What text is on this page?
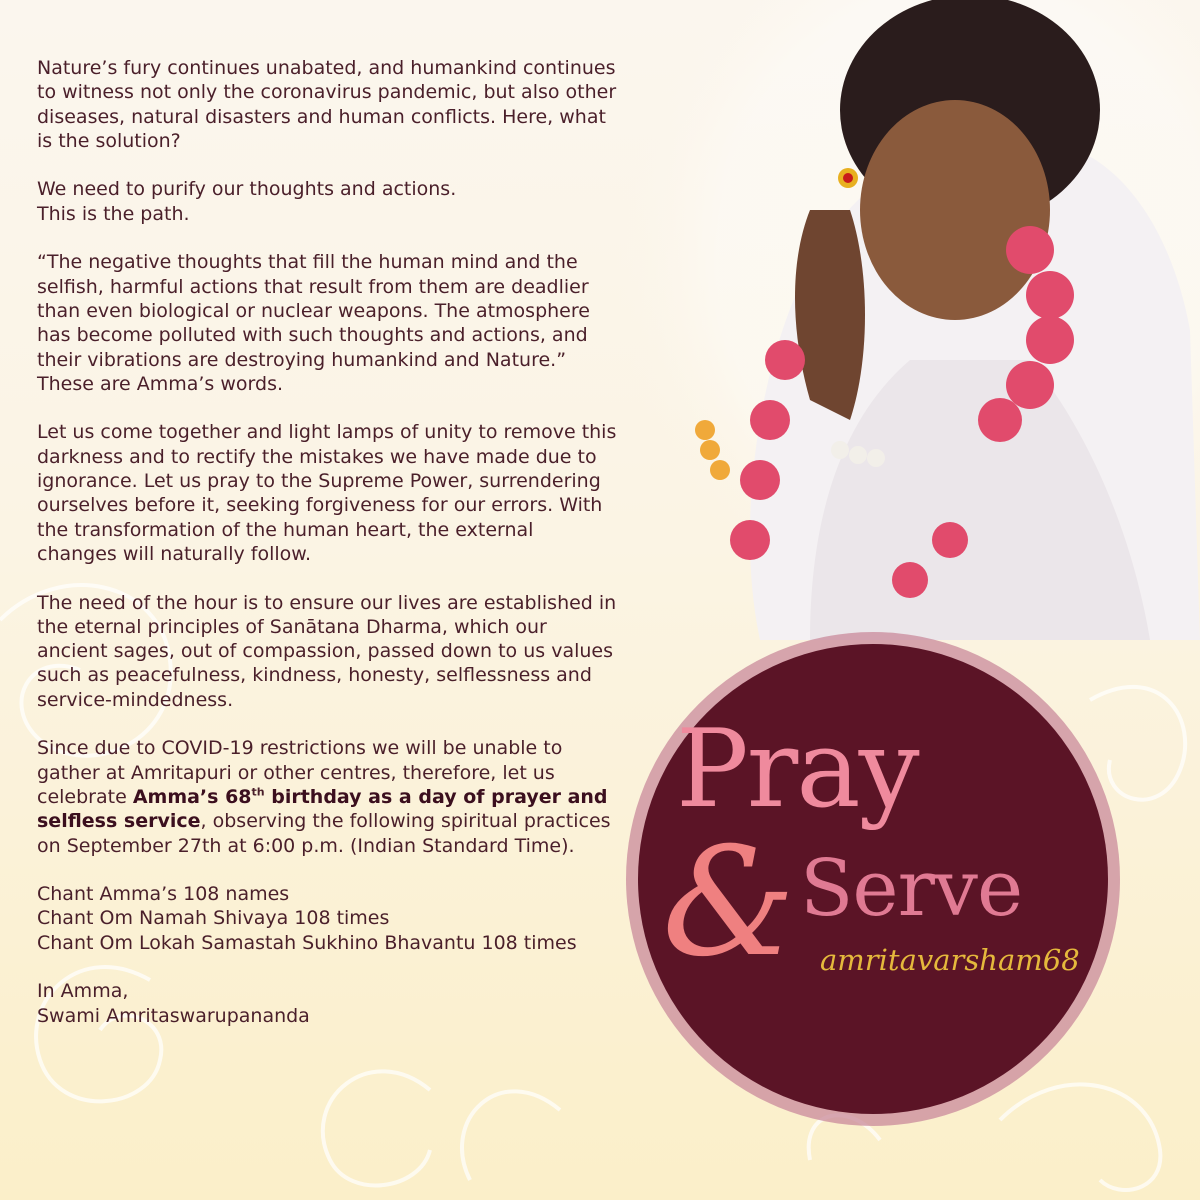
Nature’s fury continues unabated, and humankind continues to witness not only the coronavirus pandemic, but also other diseases, natural disasters and human conflicts. Here, what is the solution?

We need to purify our thoughts and actions.
This is the path.

“The negative thoughts that fill the human mind and the selfish, harmful actions that result from them are deadlier than even biological or nuclear weapons. The atmosphere has become polluted with such thoughts and actions, and their vibrations are destroying humankind and Nature.” These are Amma’s words.

Let us come together and light lamps of unity to remove this darkness and to rectify the mistakes we have made due to ignorance. Let us pray to the Supreme Power, surrendering ourselves before it, seeking forgiveness for our errors. With the transformation of the human heart, the external changes will naturally follow.

The need of the hour is to ensure our lives are established in the eternal principles of Sanātana Dharma, which our ancient sages, out of compassion, passed down to us values such as peacefulness, kindness, honesty, selflessness and service-mindedness.

Since due to COVID-19 restrictions we will be unable to gather at Amritapuri or other centres, therefore, let us celebrate Amma’s 68th birthday as a day of prayer and selfless service, observing the following spiritual practices on September 27th at 6:00 p.m. (Indian Standard Time).

Chant Amma’s 108 names
Chant Om Namah Shivaya 108 times
Chant Om Lokah Samastah Sukhino Bhavantu 108 times

In Amma,
Swami Amritaswarupananda

Pray
& Serve
amritavarsham68
